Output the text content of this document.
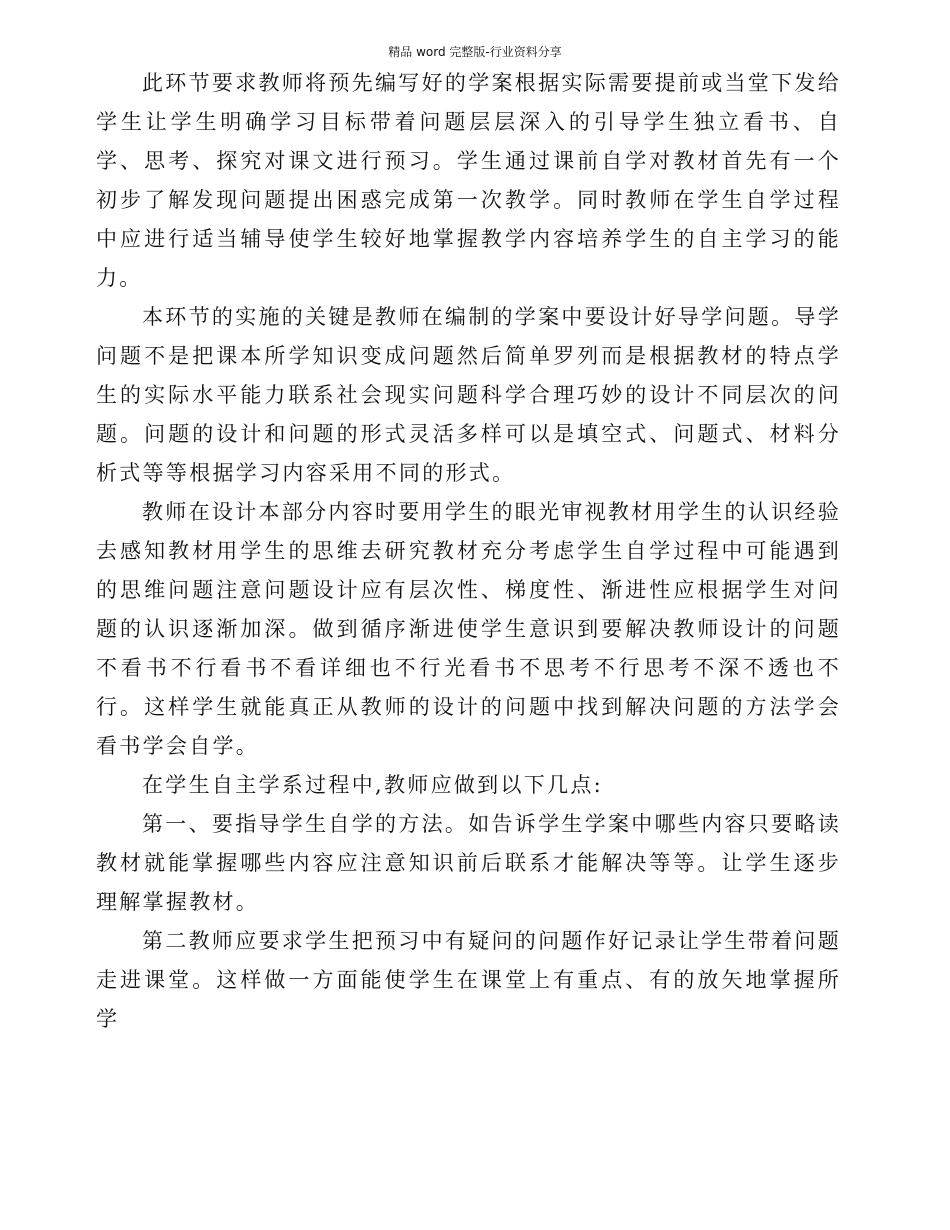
精品 word 完整版-行业资料分享

此环节要求教师将预先编写好的学案根据实际需要提前或当堂下发给学生让学生明确学习目标带着问题层层深入的引导学生独立看书、自学、思考、探究对课文进行预习。学生通过课前自学对教材首先有一个初步了解发现问题提出困惑完成第一次教学。同时教师在学生自学过程中应进行适当辅导使学生较好地掌握教学内容培养学生的自主学习的能力。

本环节的实施的关键是教师在编制的学案中要设计好导学问题。导学问题不是把课本所学知识变成问题然后简单罗列而是根据教材的特点学生的实际水平能力联系社会现实问题科学合理巧妙的设计不同层次的问题。问题的设计和问题的形式灵活多样可以是填空式、问题式、材料分析式等等根据学习内容采用不同的形式。

教师在设计本部分内容时要用学生的眼光审视教材用学生的认识经验去感知教材用学生的思维去研究教材充分考虑学生自学过程中可能遇到的思维问题注意问题设计应有层次性、梯度性、渐进性应根据学生对问题的认识逐渐加深。做到循序渐进使学生意识到要解决教师设计的问题不看书不行看书不看详细也不行光看书不思考不行思考不深不透也不行。这样学生就能真正从教师的设计的问题中找到解决问题的方法学会看书学会自学。

在学生自主学系过程中,教师应做到以下几点:

第一、要指导学生自学的方法。如告诉学生学案中哪些内容只要略读教材就能掌握哪些内容应注意知识前后联系才能解决等等。让学生逐步理解掌握教材。

第二教师应要求学生把预习中有疑问的问题作好记录让学生带着问题走进课堂。这样做一方面能使学生在课堂上有重点、有的放矢地掌握所学
